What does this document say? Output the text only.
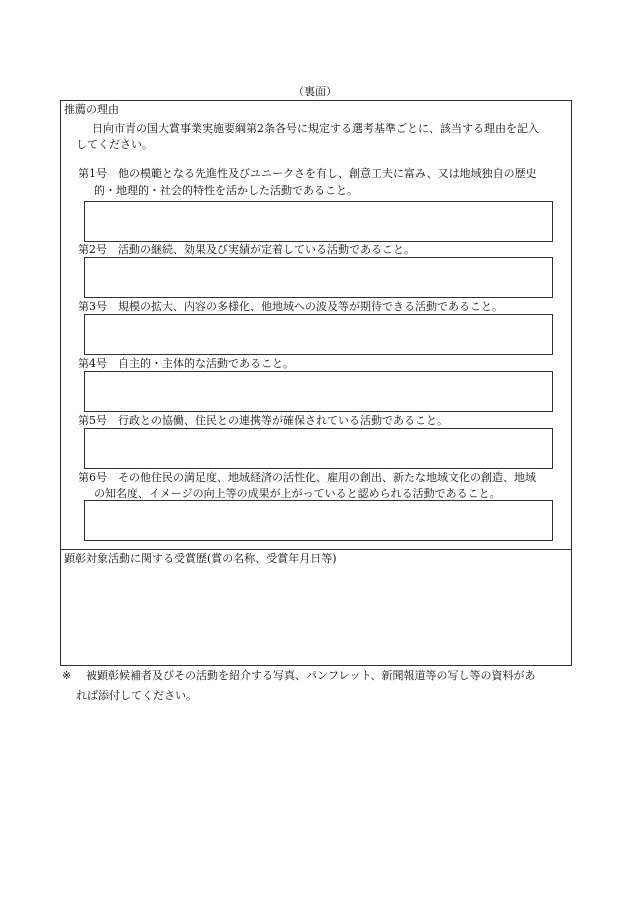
（裏面）
推薦の理由
日向市青の国大賞事業実施要綱第2条各号に規定する選考基準ごとに、該当する理由を記入
してください。
第1号　 他の模範となる先進性及びユニークさを有し、創意工夫に富み、又は地域独自の歴史
的・地理的・社会的特性を活かした活動であること。
第2号　 活動の継続、効果及び実績が定着している活動であること。
第3号　 規模の拡大、内容の多様化、他地域への波及等が期待できる活動であること。
第4号　 自主的・主体的な活動であること。
第5号　 行政との協働、住民との連携等が確保されている活動であること。
第6号　 その他住民の満足度、地域経済の活性化、雇用の創出、新たな地域文化の創造、地域
の知名度、イメージの向上等の成果が上がっていると認められる活動であること。
顕彰対象活動に関する受賞歴(賞の名称、受賞年月日等)
※ 被顕彰候補者及びその活動を紹介する写真、パンフレット、新聞報道等の写し等の資料があ
れば添付してください。
